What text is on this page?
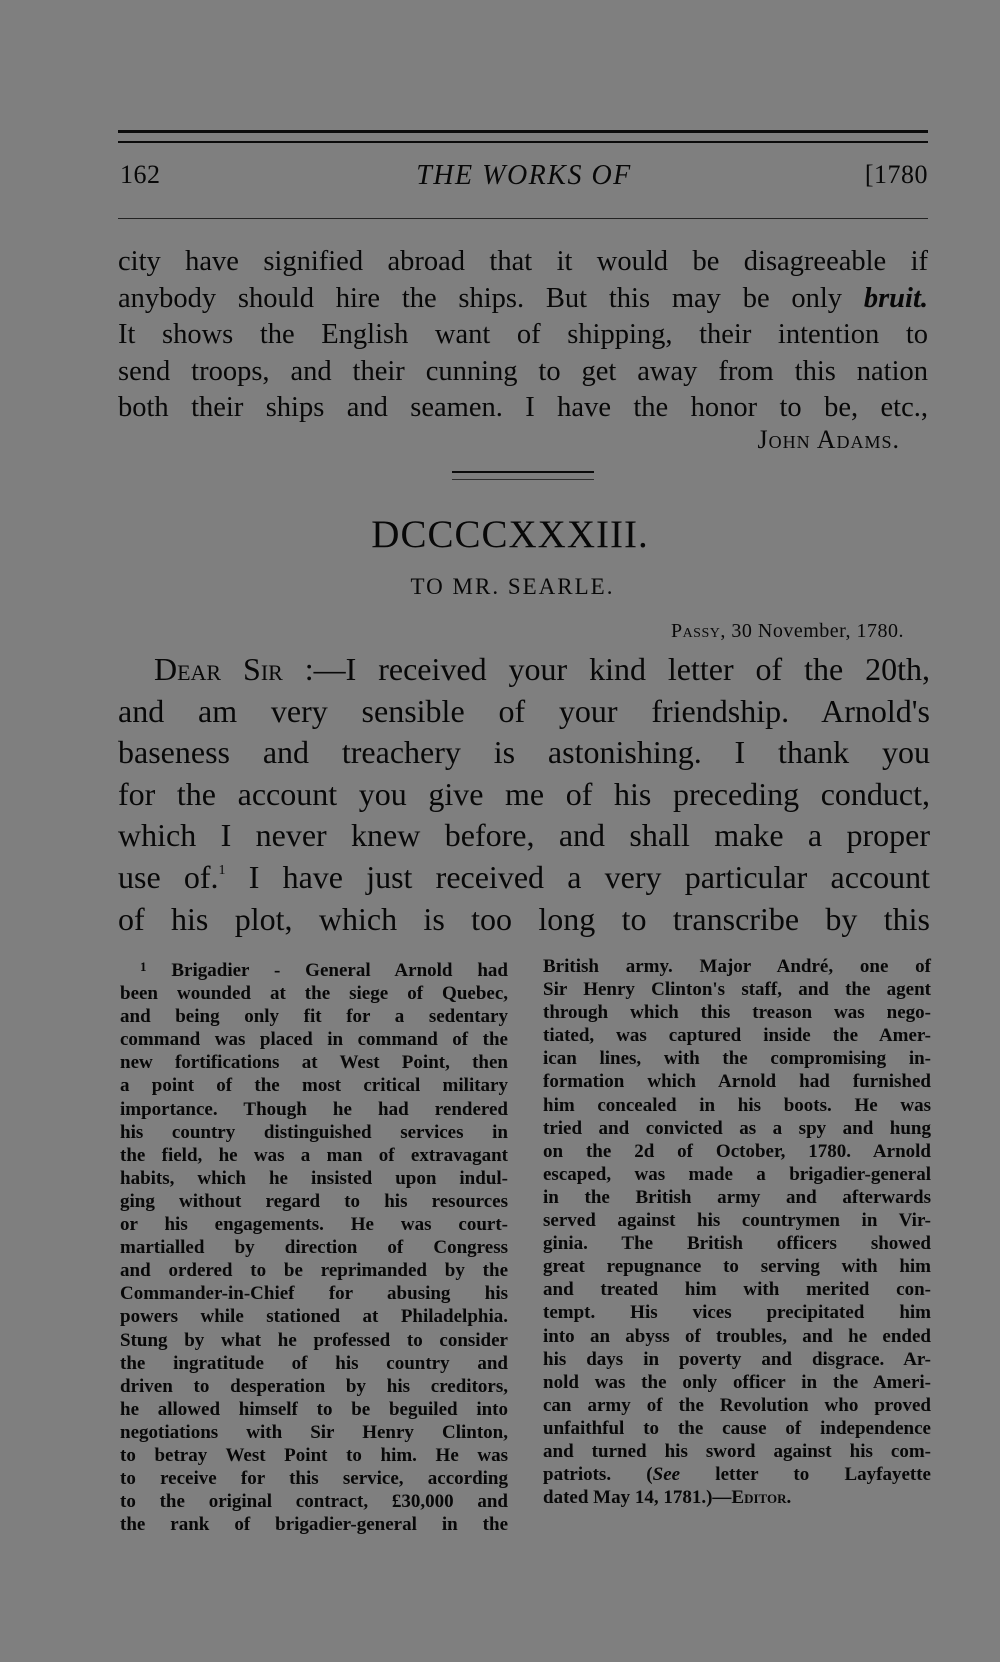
162	THE WORKS OF	[1780

city have signified abroad that it would be disagreeable if

anybody should hire the ships. But this may be only bruit.

It shows the English want of shipping, their intention to

send troops, and their cunning to get away from this nation

both their ships and seamen. I have the honor to be, etc.,

John Adams.
DCCCCXXXIII.
TO MR. SEARLE.
Passy, 30 November, 1780.

Dear Sir :—I received your kind letter of the 20th,

and am very sensible of your friendship. Arnold's

baseness and treachery is astonishing. I thank you

for the account you give me of his preceding conduct,

which I never knew before, and shall make a proper

use of.$^1$ I have just received a very particular account

of his plot, which is too long to transcribe by this

$^1$ Brigadier - General Arnold had
been wounded at the siege of Quebec,
and being only fit for a sedentary
command was placed in command of the
new fortifications at West Point, then
a point of the most critical military
importance. Though he had rendered
his country distinguished services in
the field, he was a man of extravagant
habits, which he insisted upon indul-
ging without regard to his resources
or his engagements. He was court-
martialled by direction of Congress
and ordered to be reprimanded by the
Commander-in-Chief for abusing his
powers while stationed at Philadelphia.
Stung by what he professed to consider
the ingratitude of his country and
driven to desperation by his creditors,
he allowed himself to be beguiled into
negotiations with Sir Henry Clinton,
to betray West Point to him. He was
to receive for this service, according
to the original contract, £30,000 and
the rank of brigadier-general in the
British army. Major André, one of
Sir Henry Clinton's staff, and the agent
through which this treason was nego-
tiated, was captured inside the Amer-
ican lines, with the compromising in-
formation which Arnold had furnished
him concealed in his boots. He was
tried and convicted as a spy and hung
on the 2d of October, 1780. Arnold
escaped, was made a brigadier-general
in the British army and afterwards
served against his countrymen in Vir-
ginia. The British officers showed
great repugnance to serving with him
and treated him with merited con-
tempt. His vices precipitated him
into an abyss of troubles, and he ended
his days in poverty and disgrace. Ar-
nold was the only officer in the Ameri-
can army of the Revolution who proved
unfaithful to the cause of independence
and turned his sword against his com-
patriots. (See letter to Layfayette
dated May 14, 1781.)—Editor.
